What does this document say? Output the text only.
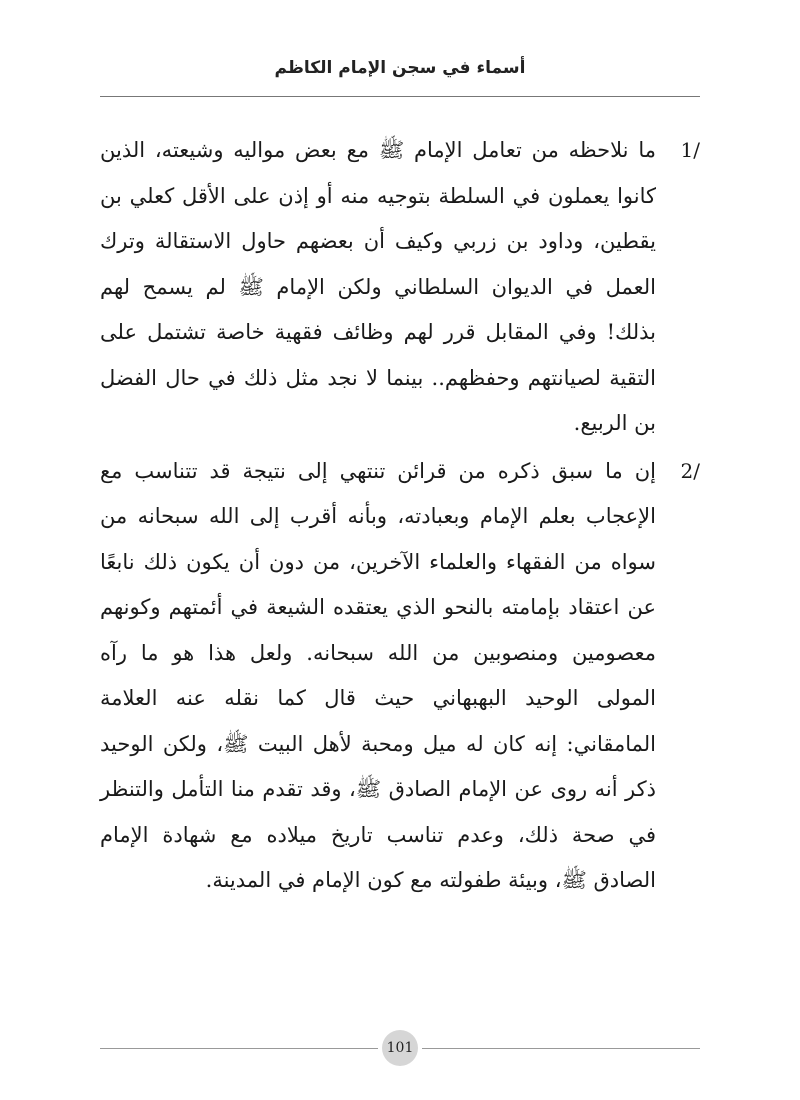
أسماء في سجن الإمام الكاظم
1/
ما نلاحظه من تعامل الإمام ﷺ مع بعض مواليه وشيعته، الذين كانوا يعملون في السلطة بتوجيه منه أو إذن على الأقل كعلي بن يقطين، وداود بن زربي وكيف أن بعضهم حاول الاستقالة وترك العمل في الديوان السلطاني ولكن الإمام ﷺ لم يسمح لهم بذلك! وفي المقابل قرر لهم وظائف فقهية خاصة تشتمل على التقية لصيانتهم وحفظهم.. بينما لا نجد مثل ذلك في حال الفضل بن الربيع.
2/
إن ما سبق ذكره من قرائن تنتهي إلى نتيجة قد تتناسب مع الإعجاب بعلم الإمام وبعبادته، وبأنه أقرب إلى الله سبحانه من سواه من الفقهاء والعلماء الآخرين، من دون أن يكون ذلك نابعًا عن اعتقاد بإمامته بالنحو الذي يعتقده الشيعة في أئمتهم وكونهم معصومين ومنصوبين من الله سبحانه. ولعل هذا هو ما رآه المولى الوحيد البهبهاني حيث قال كما نقله عنه العلامة المامقاني: إنه كان له ميل ومحبة لأهل البيت ﷺ، ولكن الوحيد ذكر أنه روى عن الإمام الصادق ﷺ، وقد تقدم منا التأمل والتنظر في صحة ذلك، وعدم تناسب تاريخ ميلاده مع شهادة الإمام الصادق ﷺ، وبيئة طفولته مع كون الإمام في المدينة.
101
